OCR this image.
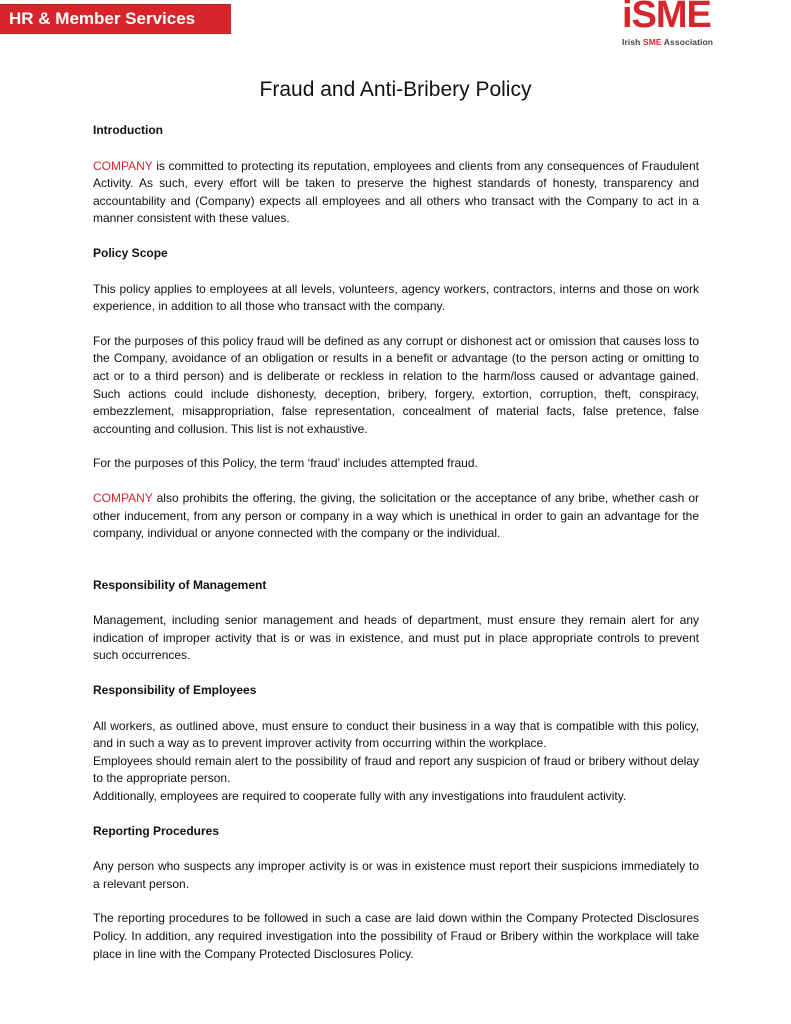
HR & Member Services	iSME
Irish SME Association
Fraud and Anti-Bribery Policy
Introduction

COMPANY is committed to protecting its reputation, employees and clients from any consequences of Fraudulent Activity. As such, every effort will be taken to preserve the highest standards of honesty, transparency and accountability and (Company) expects all employees and all others who transact with the Company to act in a manner consistent with these values.

Policy Scope

This policy applies to employees at all levels, volunteers, agency workers, contractors, interns and those on work experience, in addition to all those who transact with the company.

For the purposes of this policy fraud will be defined as any corrupt or dishonest act or omission that causes loss to the Company, avoidance of an obligation or results in a benefit or advantage (to the person acting or omitting to act or to a third person) and is deliberate or reckless in relation to the harm/loss caused or advantage gained. Such actions could include dishonesty, deception, bribery, forgery, extortion, corruption, theft, conspiracy, embezzlement, misappropriation, false representation, concealment of material facts, false pretence, false accounting and collusion. This list is not exhaustive.

For the purposes of this Policy, the term ‘fraud’ includes attempted fraud.

COMPANY also prohibits the offering, the giving, the solicitation or the acceptance of any bribe, whether cash or other inducement, from any person or company in a way which is unethical in order to gain an advantage for the company, individual or anyone connected with the company or the individual.

Responsibility of Management

Management, including senior management and heads of department, must ensure they remain alert for any indication of improper activity that is or was in existence, and must put in place appropriate controls to prevent such occurrences.

Responsibility of Employees

All workers, as outlined above, must ensure to conduct their business in a way that is compatible with this policy, and in such a way as to prevent improver activity from occurring within the workplace.

Employees should remain alert to the possibility of fraud and report any suspicion of fraud or bribery without delay to the appropriate person.

Additionally, employees are required to cooperate fully with any investigations into fraudulent activity.

Reporting Procedures

Any person who suspects any improper activity is or was in existence must report their suspicions immediately to a relevant person.

The reporting procedures to be followed in such a case are laid down within the Company Protected Disclosures Policy. In addition, any required investigation into the possibility of Fraud or Bribery within the workplace will take place in line with the Company Protected Disclosures Policy.
